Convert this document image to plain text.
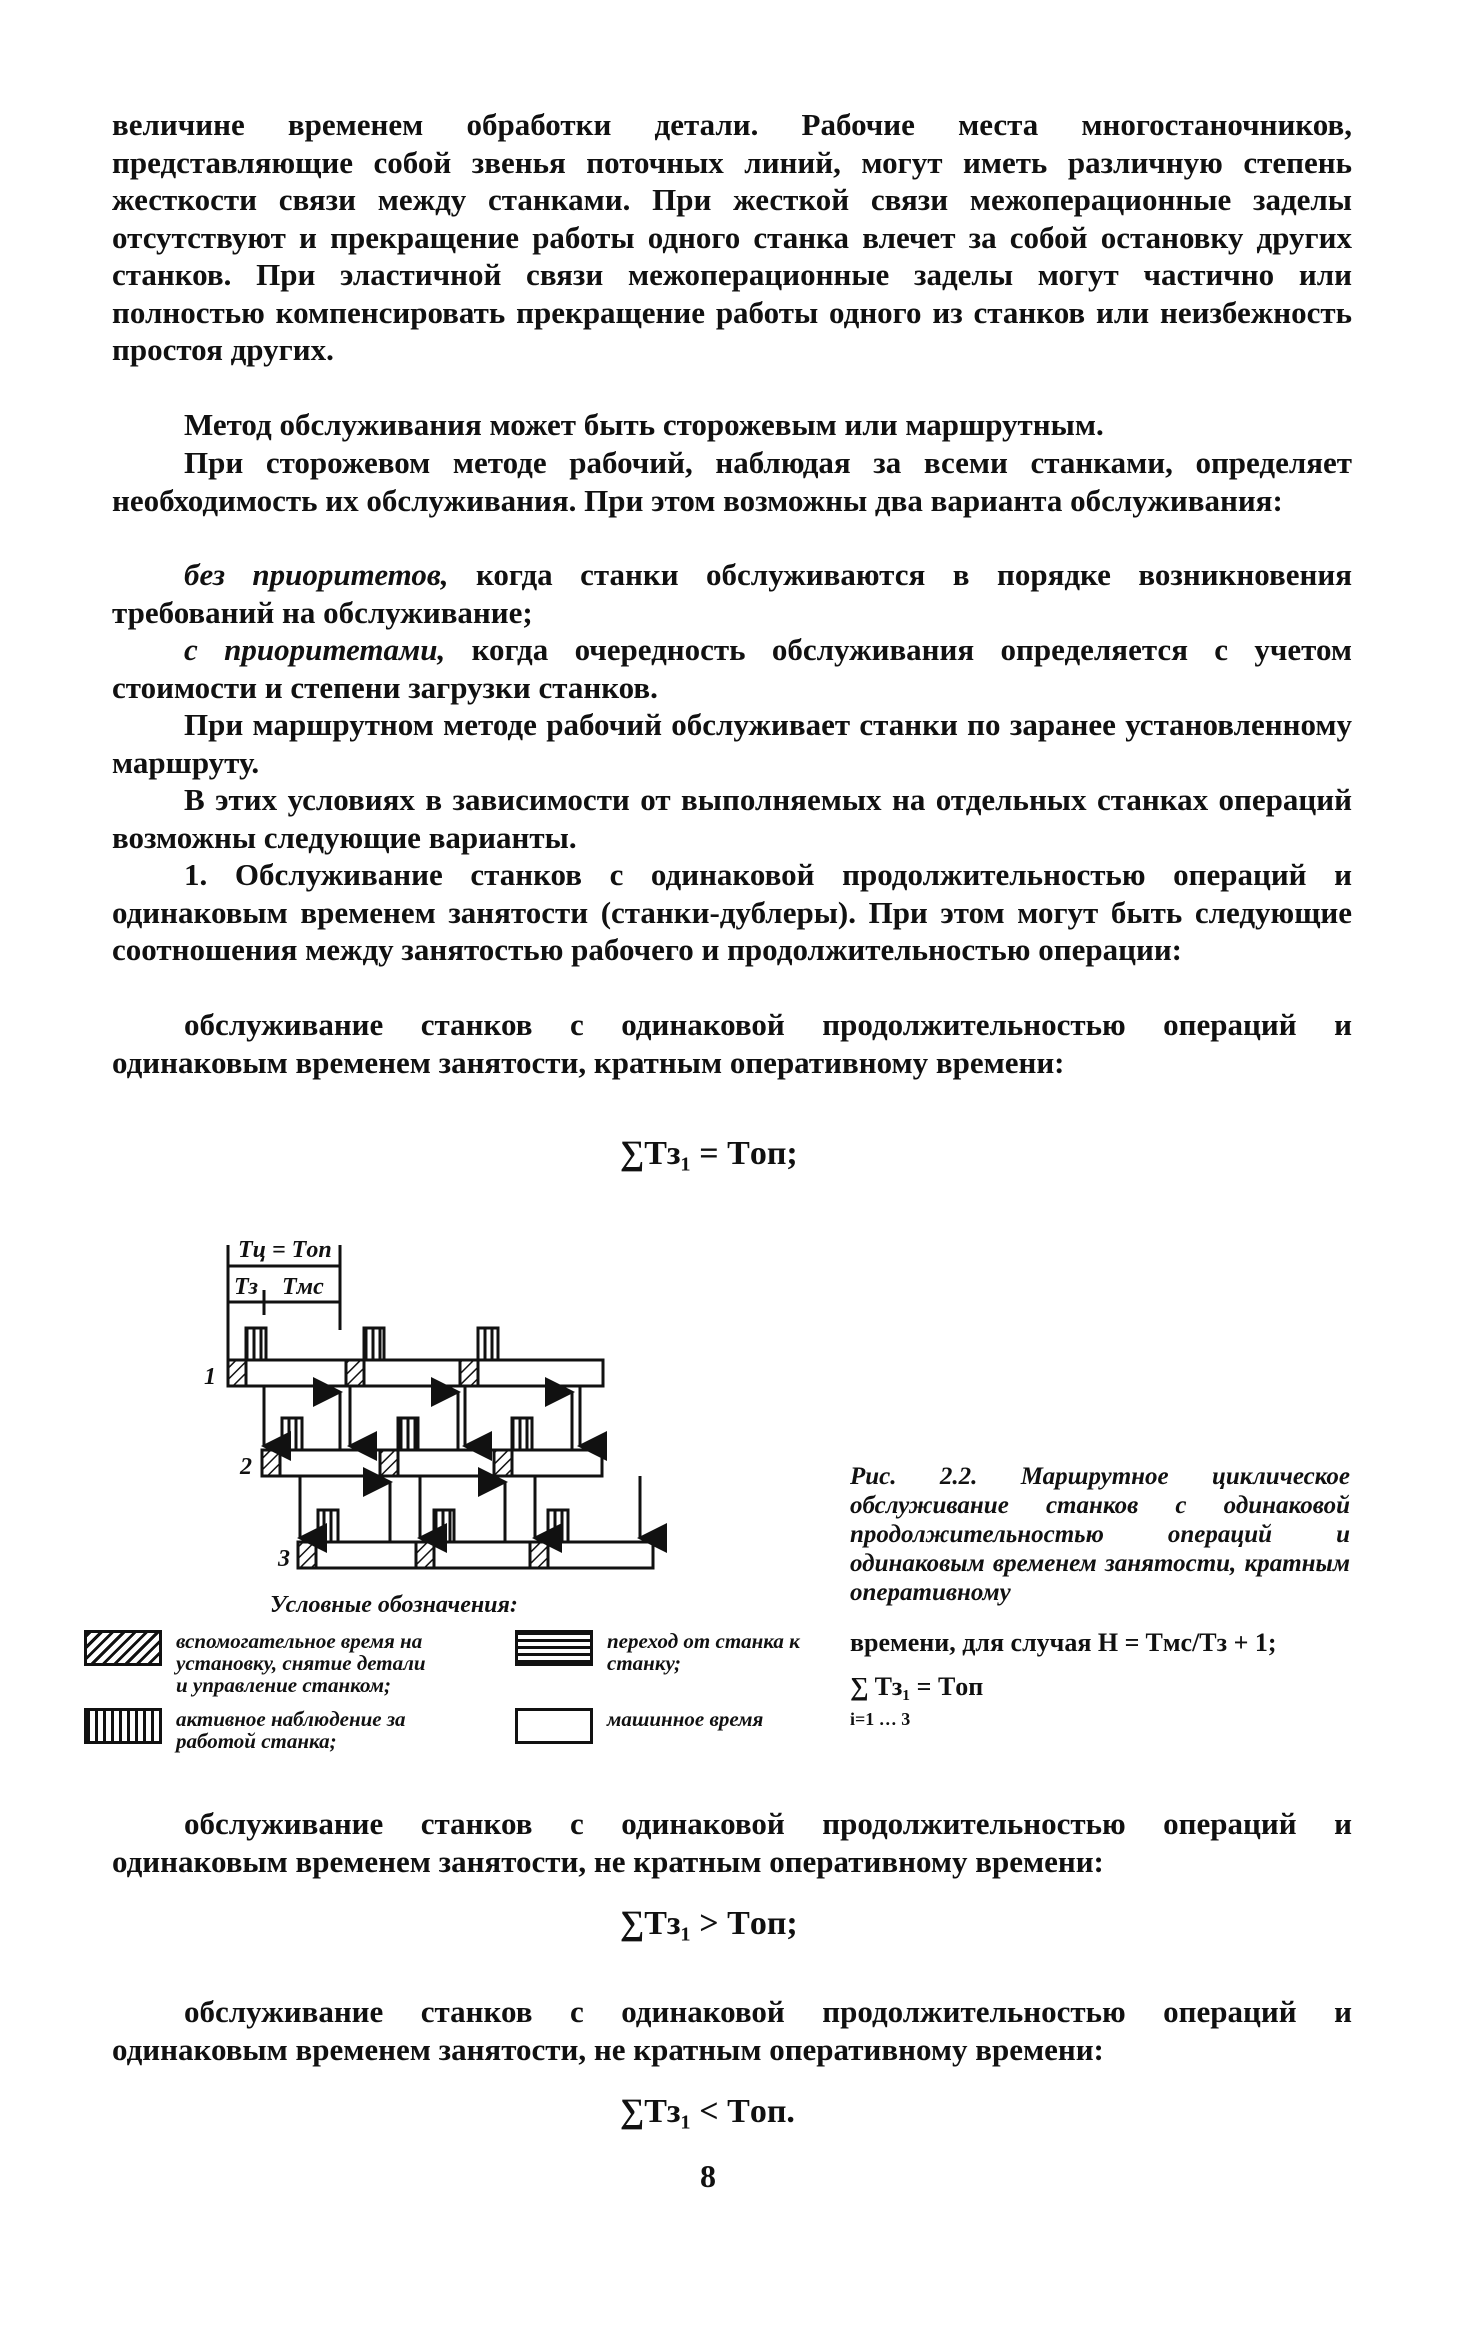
величине временем обработки детали. Рабочие места многостаночников, представляющие собой звенья поточных линий, могут иметь различную степень жесткости связи между станками. При жесткой связи межоперационные заделы отсутствуют и прекращение работы одного станка влечет за собой остановку других станков. При эластичной связи межоперационные заделы могут частично или полностью компенсировать прекращение работы одного из станков или неизбежность простоя других.

Метод обслуживания может быть сторожевым или маршрутным.

При сторожевом методе рабочий, наблюдая за всеми станками, определяет необходимость их обслуживания. При этом возможны два варианта обслуживания:

без приоритетов, когда станки обслуживаются в порядке возникновения требований на обслуживание;

с приоритетами, когда очередность обслуживания определяется с учетом стоимости и степени загрузки станков.

При маршрутном методе рабочий обслуживает станки по заранее установленному маршруту.

В этих условиях в зависимости от выполняемых на отдельных станках операций возможны следующие варианты.

1. Обслуживание станков с одинаковой продолжительностью операций и одинаковым временем занятости (станки-дублеры). При этом могут быть следующие соотношения между занятостью рабочего и продолжительностью операции:

обслуживание станков с одинаковой продолжительностью операций и одинаковым временем занятости, кратным оперативному времени:

∑Tз₁ = Tоп;
Tц = Tоп
Tз Tмс
1
2
3
Условные обозначения:
вспомогательное время на установку, снятие детали и управление станком;
активное наблюдение за работой станка;
переход от станка к станку;
машинное время
Рис. 2.2. Маршрутное циклическое обслуживание станков с одинаковой продолжительностью операций и одинаковым временем занятости, кратным оперативному
времени, для случая H = Tмс/Tз + 1;
∑ Tз₁ = Tоп
i=1 … 3

обслуживание станков с одинаковой продолжительностью операций и одинаковым временем занятости, не кратным оперативному времени:

∑Tз₁ > Tоп;

обслуживание станков с одинаковой продолжительностью операций и одинаковым временем занятости, не кратным оперативному времени:

∑Tз₁ < Tоп.
8
